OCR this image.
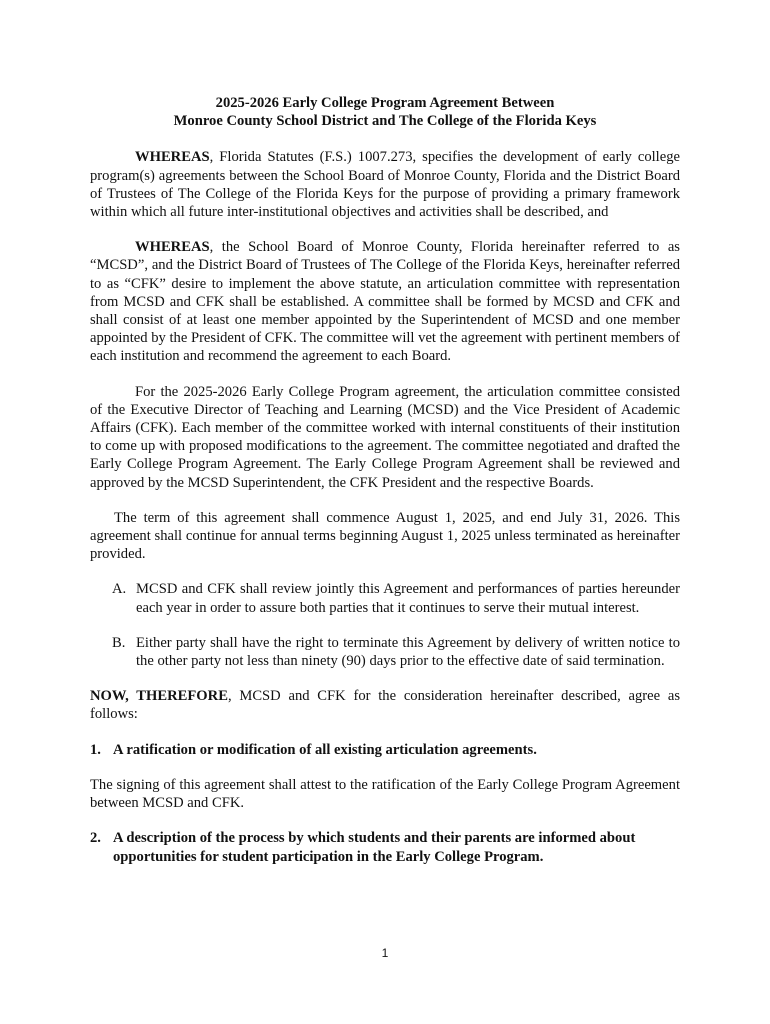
2025-2026 Early College Program Agreement Between
Monroe County School District and The College of the Florida Keys

WHEREAS, Florida Statutes (F.S.) 1007.273, specifies the development of early college program(s) agreements between the School Board of Monroe County, Florida and the District Board of Trustees of The College of the Florida Keys for the purpose of providing a primary framework within which all future inter-institutional objectives and activities shall be described, and

WHEREAS, the School Board of Monroe County, Florida hereinafter referred to as “MCSD”, and the District Board of Trustees of The College of the Florida Keys, hereinafter referred to as “CFK” desire to implement the above statute, an articulation committee with representation from MCSD and CFK shall be established. A committee shall be formed by MCSD and CFK and shall consist of at least one member appointed by the Superintendent of MCSD and one member appointed by the President of CFK. The committee will vet the agreement with pertinent members of each institution and recommend the agreement to each Board.

For the 2025-2026 Early College Program agreement, the articulation committee consisted of the Executive Director of Teaching and Learning (MCSD) and the Vice President of Academic Affairs (CFK). Each member of the committee worked with internal constituents of their institution to come up with proposed modifications to the agreement. The committee negotiated and drafted the Early College Program Agreement. The Early College Program Agreement shall be reviewed and approved by the MCSD Superintendent, the CFK President and the respective Boards.

The term of this agreement shall commence August 1, 2025, and end July 31, 2026. This agreement shall continue for annual terms beginning August 1, 2025 unless terminated as hereinafter provided.

A. MCSD and CFK shall review jointly this Agreement and performances of parties hereunder each year in order to assure both parties that it continues to serve their mutual interest.
B. Either party shall have the right to terminate this Agreement by delivery of written notice to the other party not less than ninety (90) days prior to the effective date of said termination.

NOW, THEREFORE, MCSD and CFK for the consideration hereinafter described, agree as follows:

1. A ratification or modification of all existing articulation agreements.

The signing of this agreement shall attest to the ratification of the Early College Program Agreement between MCSD and CFK.

2. A description of the process by which students and their parents are informed about opportunities for student participation in the Early College Program.
1
